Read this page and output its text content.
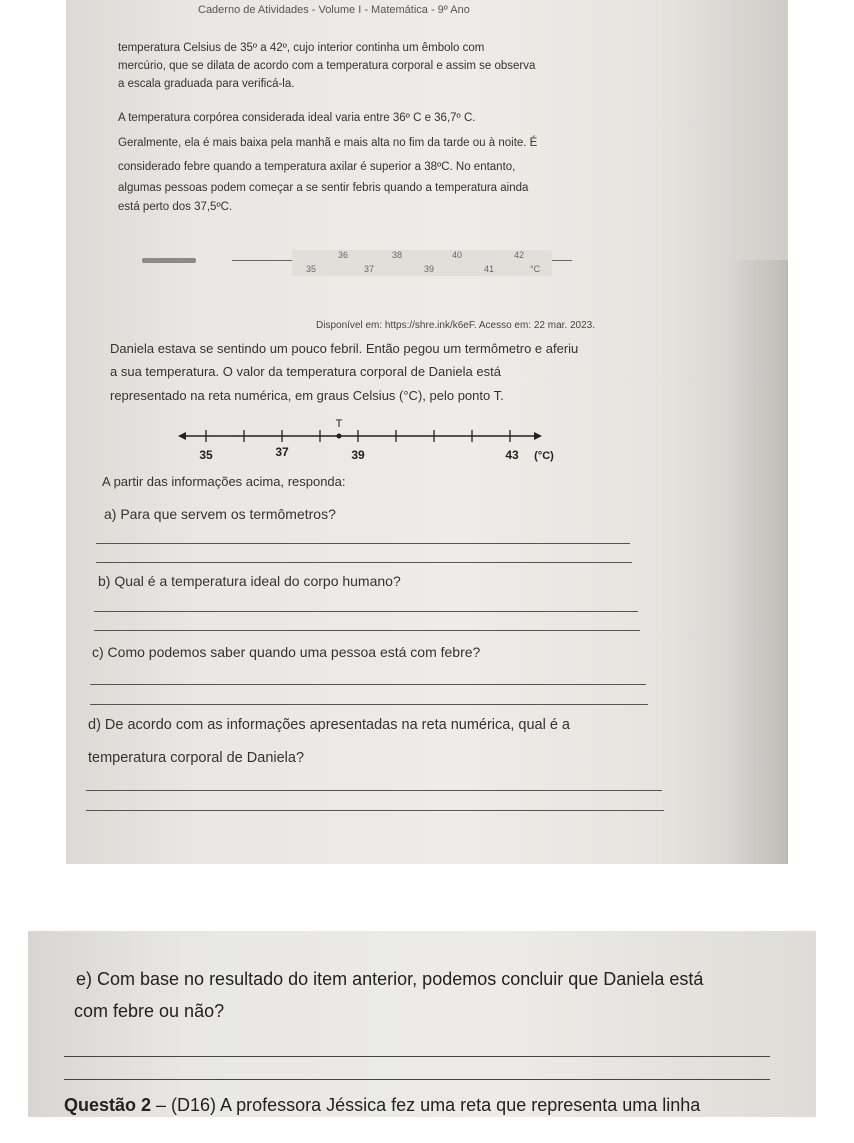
Caderno de Atividades - Volume I - Matemática - 9º Ano
temperatura Celsius de 35º a 42º, cujo interior continha um êmbolo com
mercúrio, que se dilata de acordo com a temperatura corporal e assim se observa
a escala graduada para verificá-la.
A temperatura corpórea considerada ideal varia entre 36º C e 36,7º C.
Geralmente, ela é mais baixa pela manhã e mais alta no fim da tarde ou à noite. É
considerado febre quando a temperatura axilar é superior a 38ºC. No entanto,
algumas pessoas podem começar a se sentir febris quando a temperatura ainda
está perto dos 37,5ºC.
36	38	40	42
35	37	39	41	°C
Disponível em: https://shre.ink/k6eF. Acesso em: 22 mar. 2023.
Daniela estava se sentindo um pouco febril. Então pegou um termômetro e aferiu
a sua temperatura. O valor da temperatura corporal de Daniela está
representado na reta numérica, em graus Celsius (°C), pelo ponto T.
T
35	37	39	43 (°C)
A partir das informações acima, responda:
a) Para que servem os termômetros?
b) Qual é a temperatura ideal do corpo humano?
c) Como podemos saber quando uma pessoa está com febre?
d) De acordo com as informações apresentadas na reta numérica, qual é a
temperatura corporal de Daniela?
e) Com base no resultado do item anterior, podemos concluir que Daniela está
com febre ou não?
Questão 2 – (D16) A professora Jéssica fez uma reta que representa uma linha
